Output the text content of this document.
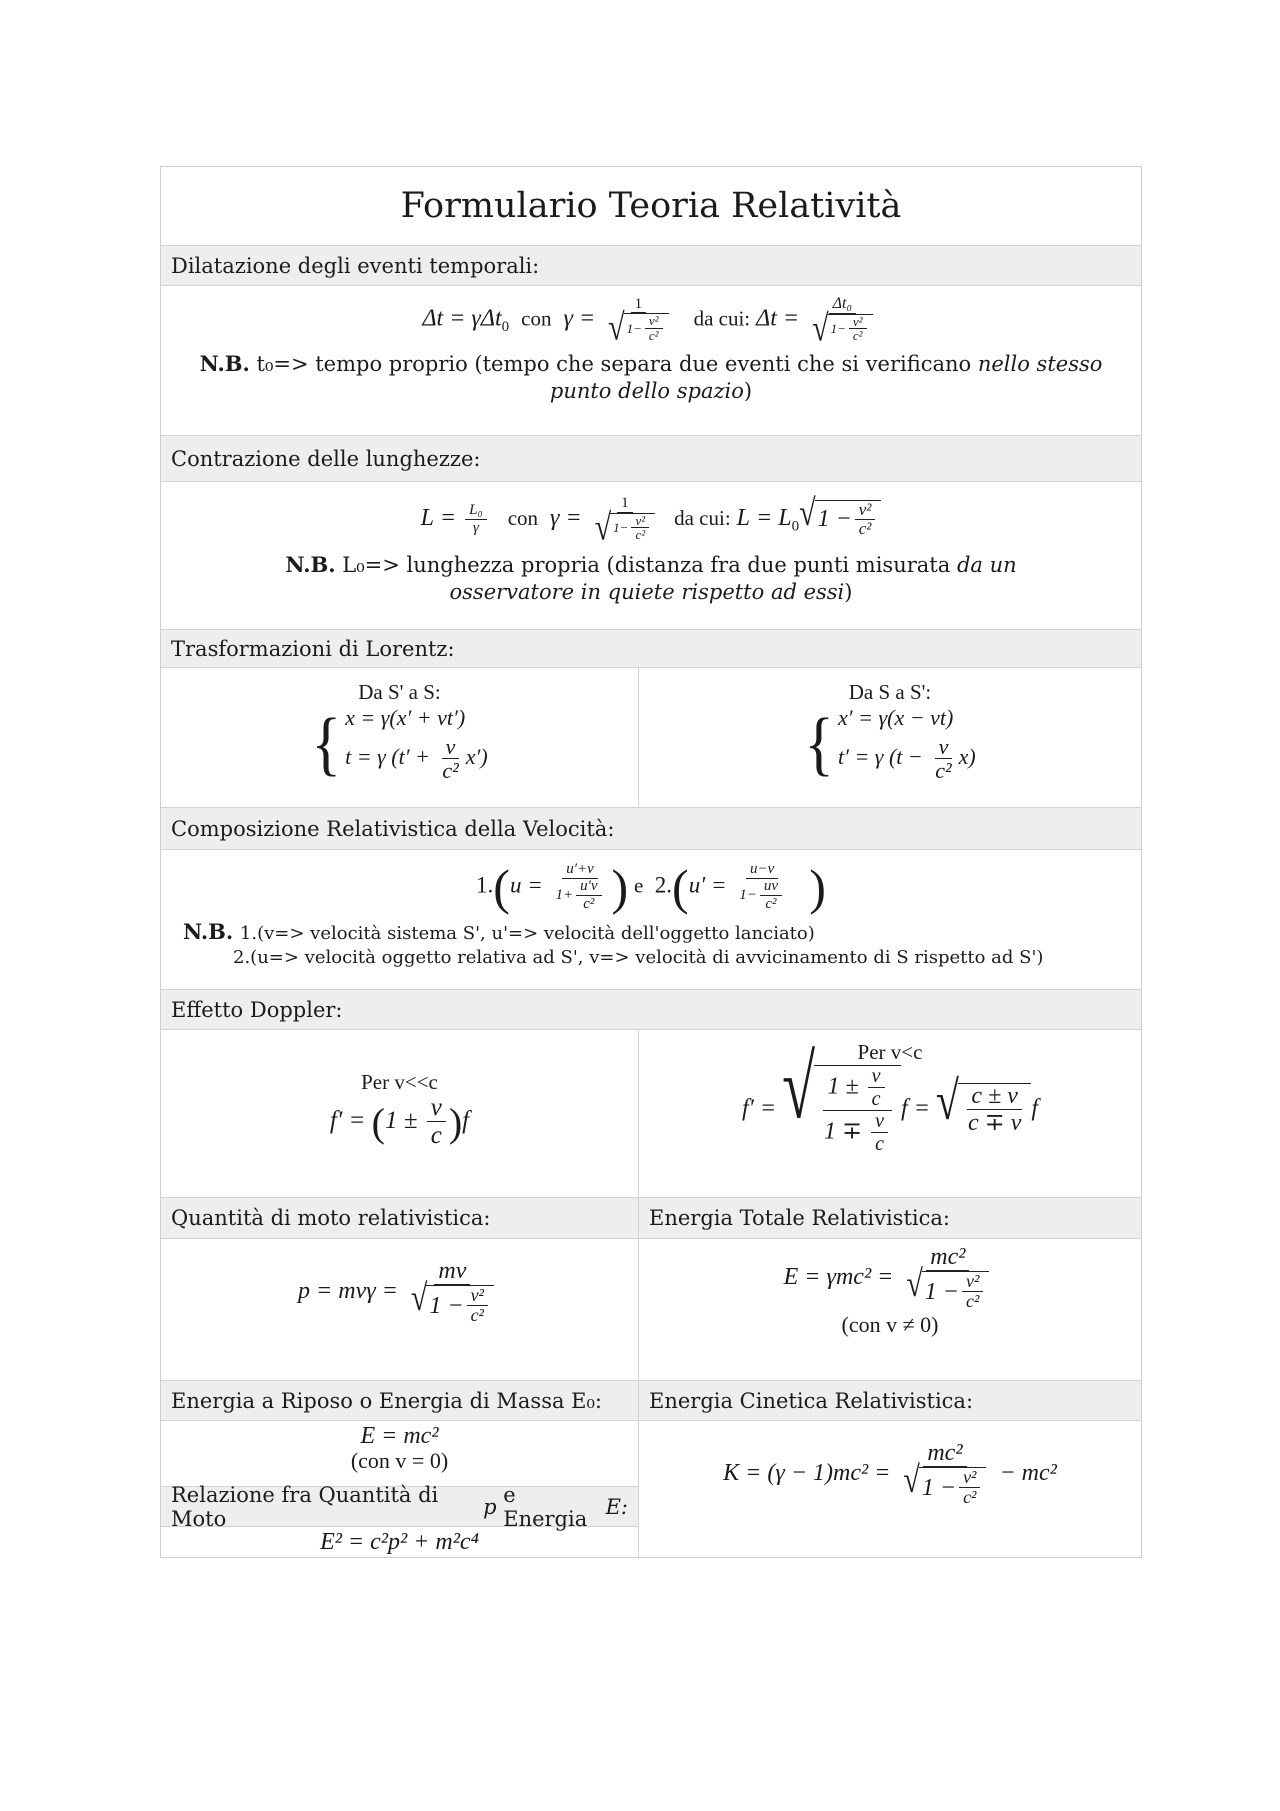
Formulario Teoria Relatività
Dilatazione degli eventi temporali:
Δt = γΔt$_0$ con $\gamma = \frac{1}{√ 1- \frac{\text{v²}}{\text{c²}}}$ da cui: $\Delta t = \frac{\text{Δt₀}}{√ 1- \frac{\text{v²}}{\text{c²}}}$
N.B. t₀=> tempo proprio (tempo che separa due eventi che si verificano nello stesso punto dello spazio)
Contrazione delle lunghezze:
$L = \frac{\text{L₀}}{\gamma}$ con $\gamma = \frac{1}{√ 1- \frac{\text{v²}}{\text{c²}}}$ da cui: $L = L_0$ √ $1 - \frac{\text{v²}}{\text{c²}}$
N.B. L₀=> lunghezza propria (distanza fra due punti misurata da un osservatore in quiete rispetto ad essi)
Trasformazioni di Lorentz:
Da S' a S:
{ x = γ(x′ + vt′)
t = γ $(t' + \frac{v}{\text{c²}} x')$
Da S a S':
{ x′ = γ(x − vt)
t′ = γ $(t - \frac{v}{\text{c²}} x)$
Composizione Relativistica della Velocità:
$1.(u = \frac{u'+v}{1+ \frac{u'v}{\text{c²}}}$ ) e $2.(u' = \frac{u-v}{1- \frac{uv}{\text{c²}}}$ )
N.B. 1.(v=> velocità sistema S', u'=> velocità dell'oggetto lanciato)
2.(u=> velocità oggetto relativa ad S', v=> velocità di avvicinamento di S rispetto ad S')
Effetto Doppler:
Per v<<c
$f' = (1 \pm \frac{v}{c} )f$
Per v<c
f′ = √ $\frac{1 \pm \frac{v}{c}}{1 \mp \frac{v}{c}}$ f = √ $\frac{c \pm v}{c \mp v}$ f
Quantità di moto relativistica:	Energia Totale Relativistica:
$p = mv\gamma = \frac{mv}{√ 1 - \frac{\text{v²}}{\text{c²}}}$	$E = \gamma mc^2 = \frac{\text{mc²}}{√ 1 - \frac{\text{v²}}{\text{c²}}}$
(con v ≠ 0)
Energia a Riposo o Energia di Massa E₀:
E = mc²
(con v = 0)
Relazione fra Quantità di Moto
	p
e Energia
E:
E² = c²p² + m²c⁴
Energia Cinetica Relativistica:
$K = (\gamma - 1)mc^2 = \frac{\text{mc²}}{√ 1 - \frac{\text{v²}}{\text{c²}}} - mc^2$
